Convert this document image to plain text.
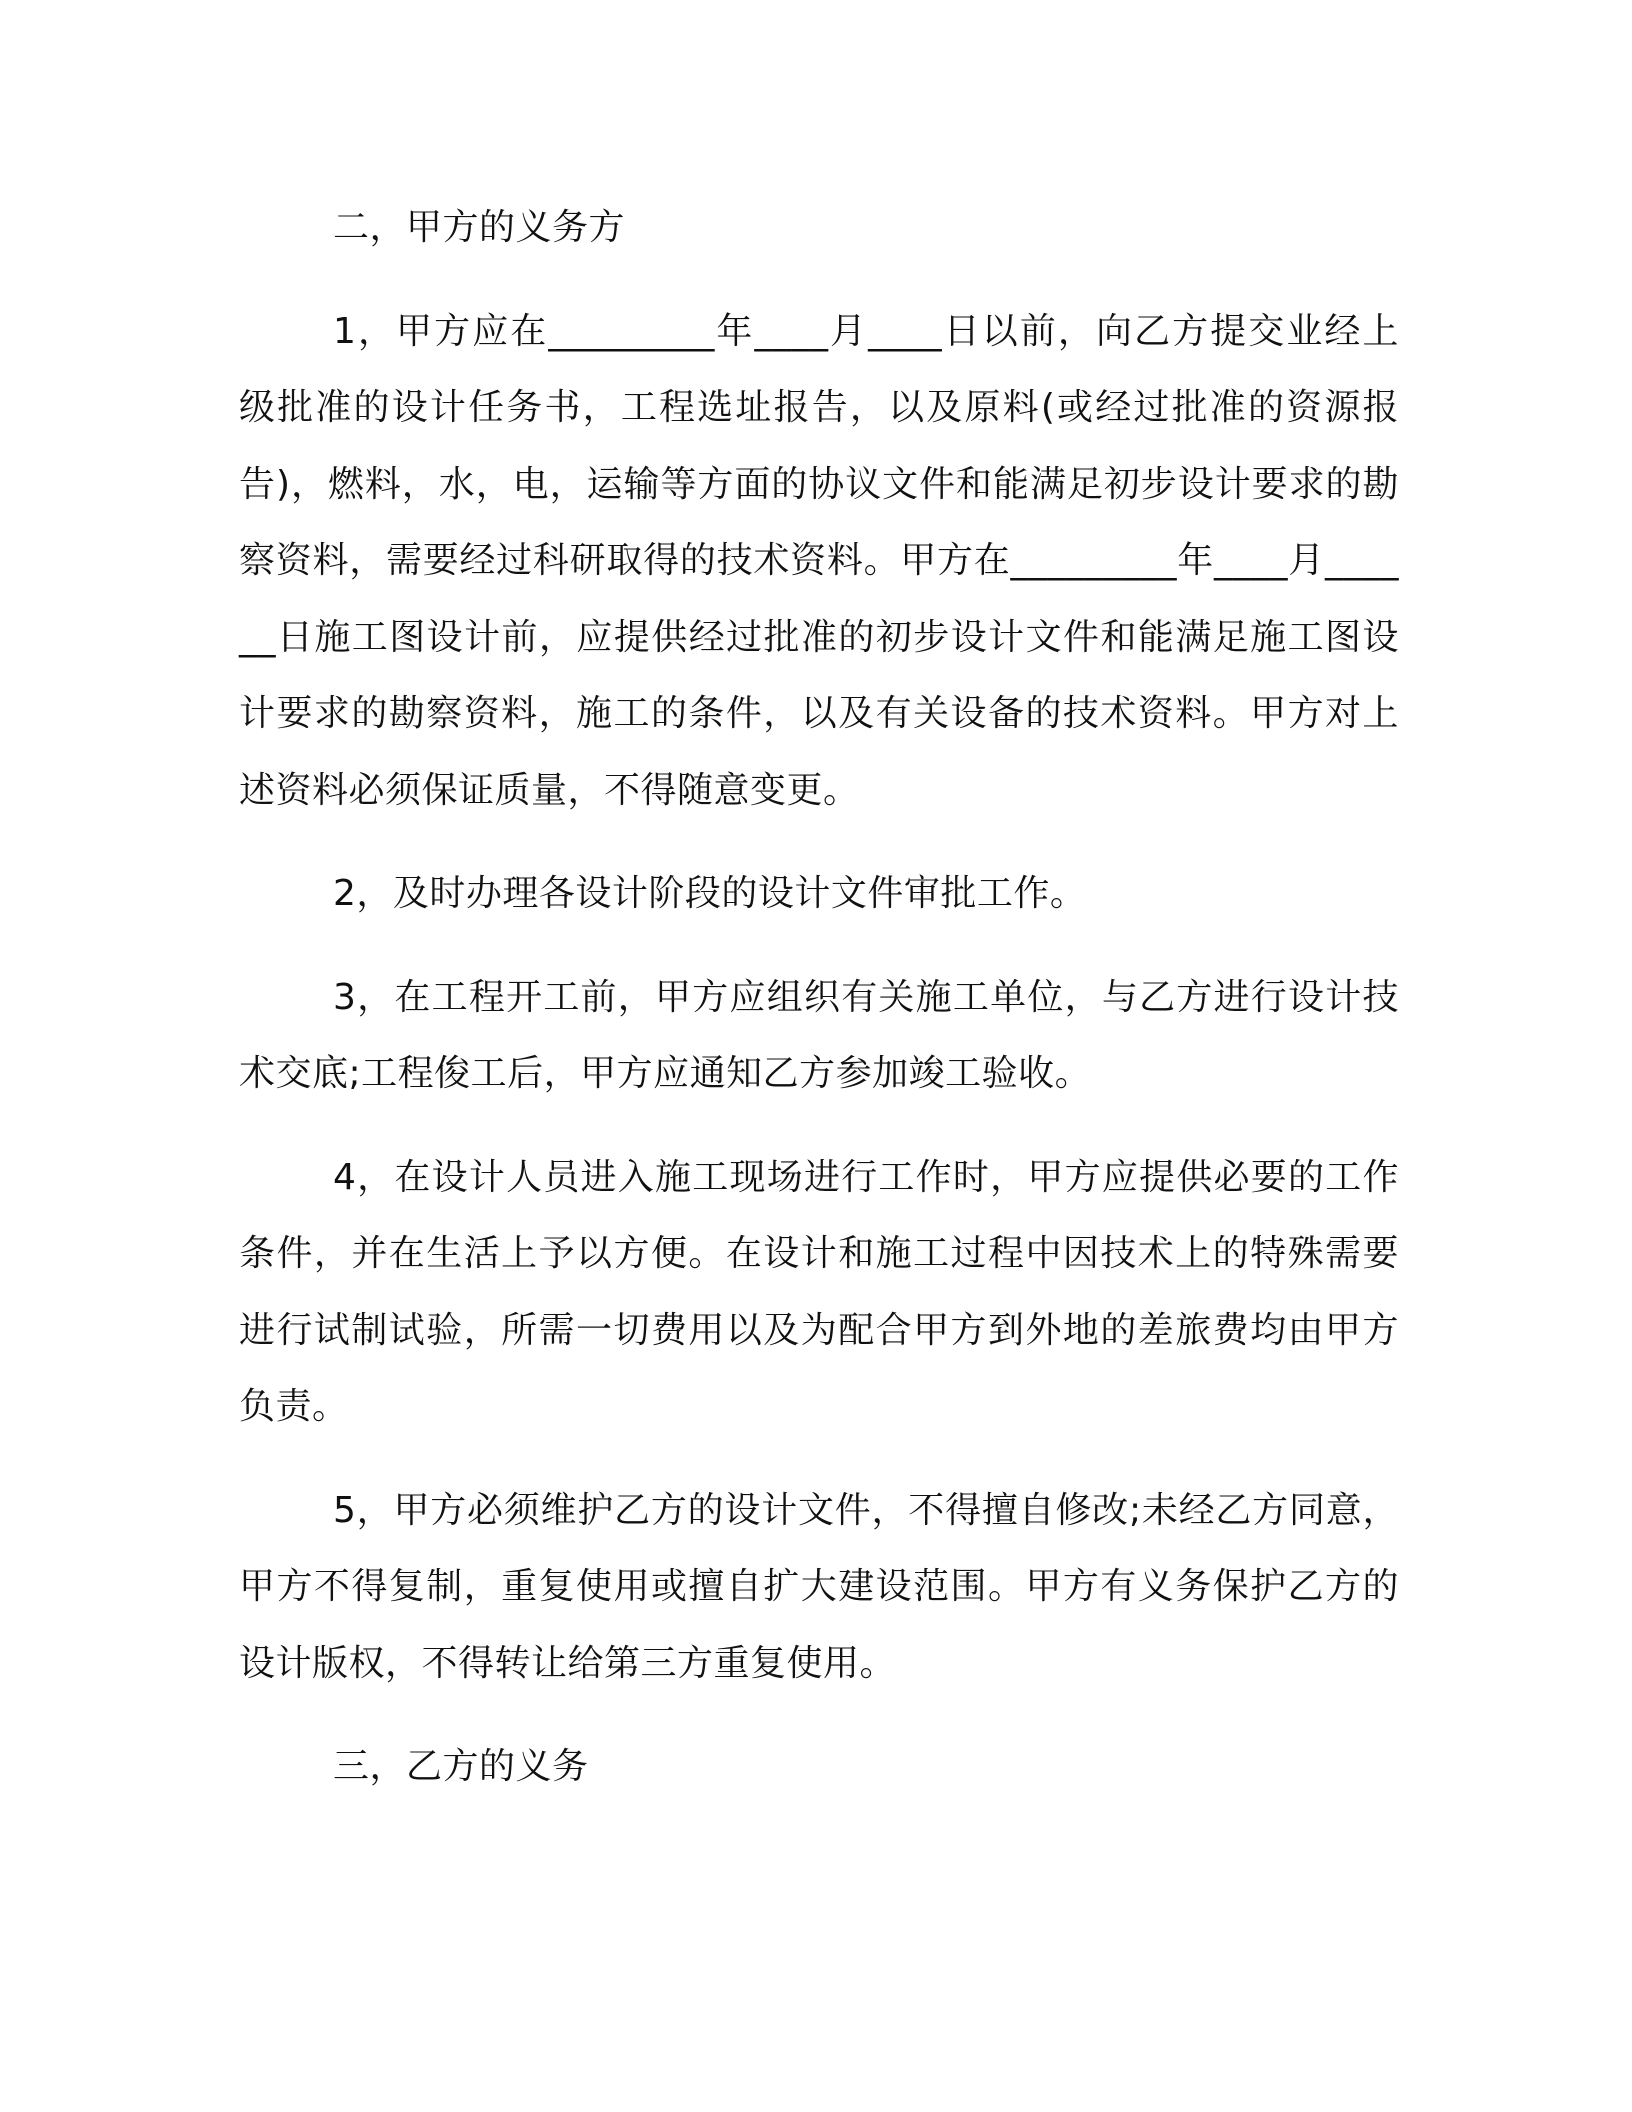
二，甲方的义务方

1，甲方应在_________年____月____日以前，向乙方提交业经上级批准的设计任务书，工程选址报告，以及原料(或经过批准的资源报告)，燃料，水，电，运输等方面的协议文件和能满足初步设计要求的勘察资料，需要经过科研取得的技术资料。甲方在_________年____月______日施工图设计前，应提供经过批准的初步设计文件和能满足施工图设计要求的勘察资料，施工的条件，以及有关设备的技术资料。甲方对上述资料必须保证质量，不得随意变更。

2，及时办理各设计阶段的设计文件审批工作。

3，在工程开工前，甲方应组织有关施工单位，与乙方进行设计技术交底;工程俊工后，甲方应通知乙方参加竣工验收。

4，在设计人员进入施工现场进行工作时，甲方应提供必要的工作条件，并在生活上予以方便。在设计和施工过程中因技术上的特殊需要进行试制试验，所需一切费用以及为配合甲方到外地的差旅费均由甲方负责。

5，甲方必须维护乙方的设计文件，不得擅自修改;未经乙方同意，甲方不得复制，重复使用或擅自扩大建设范围。甲方有义务保护乙方的设计版权，不得转让给第三方重复使用。

三，乙方的义务
